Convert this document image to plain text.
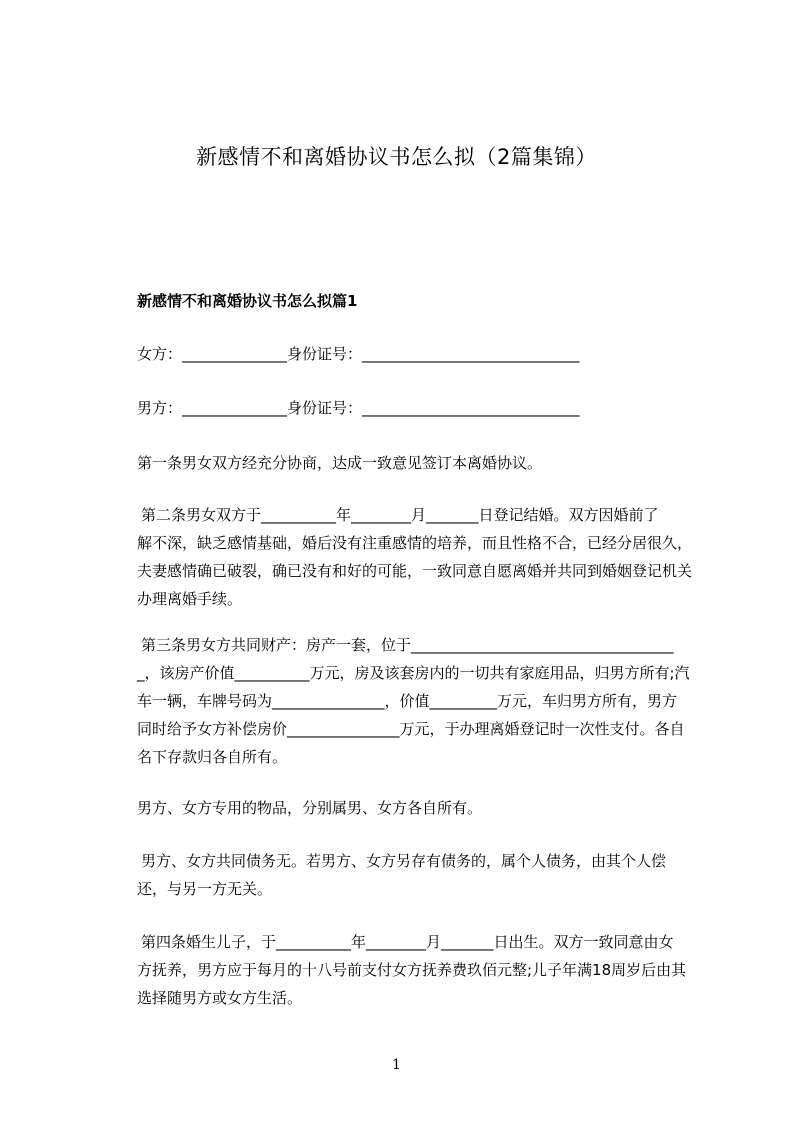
新感情不和离婚协议书怎么拟（2篇集锦）
新感情不和离婚协议书怎么拟篇1

女方：______________身份证号：_____________________________

男方：______________身份证号：_____________________________

第一条男女双方经充分协商，达成一致意见签订本离婚协议。

第二条男女双方于__________年________月_______日登记结婚。双方因婚前了
解不深，缺乏感情基础，婚后没有注重感情的培养，而且性格不合，已经分居很久，
夫妻感情确已破裂，确已没有和好的可能，一致同意自愿离婚并共同到婚姻登记机关
办理离婚手续。

第三条男女方共同财产：房产一套，位于___________________________________
_，该房产价值__________万元，房及该套房内的一切共有家庭用品，归男方所有;汽
车一辆，车牌号码为_______________，价值_________万元，车归男方所有，男方
同时给予女方补偿房价_______________万元，于办理离婚登记时一次性支付。各自
名下存款归各自所有。

男方、女方专用的物品，分别属男、女方各自所有。

男方、女方共同债务无。若男方、女方另存有债务的，属个人债务，由其个人偿
还，与另一方无关。

第四条婚生儿子，于__________年________月_______日出生。双方一致同意由女
方抚养，男方应于每月的十八号前支付女方抚养费玖佰元整;儿子年满18周岁后由其
选择随男方或女方生活。

1
